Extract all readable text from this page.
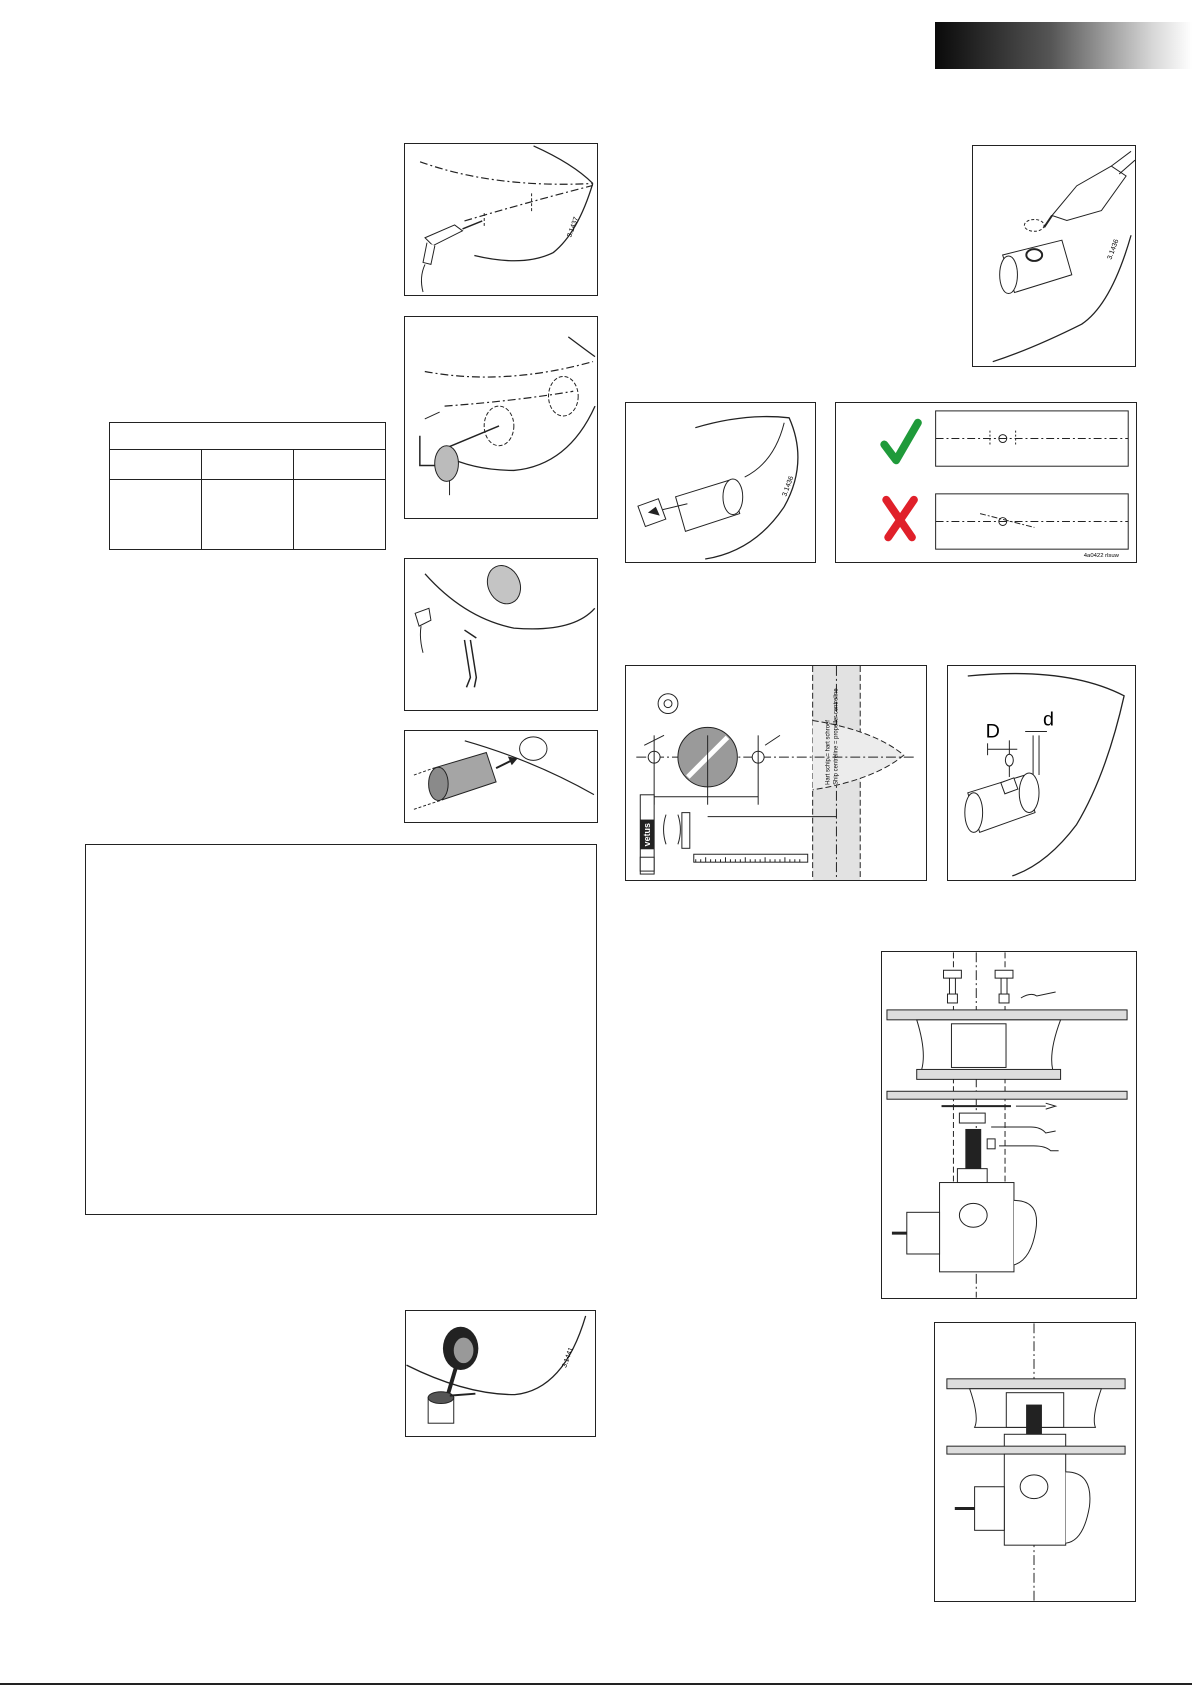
3.1437

3.1441
3.1436
3.1436
4a0422 rlsuw
vetus
Hart schip = hart schroef Ship centreline = propeller centreline	D
d
